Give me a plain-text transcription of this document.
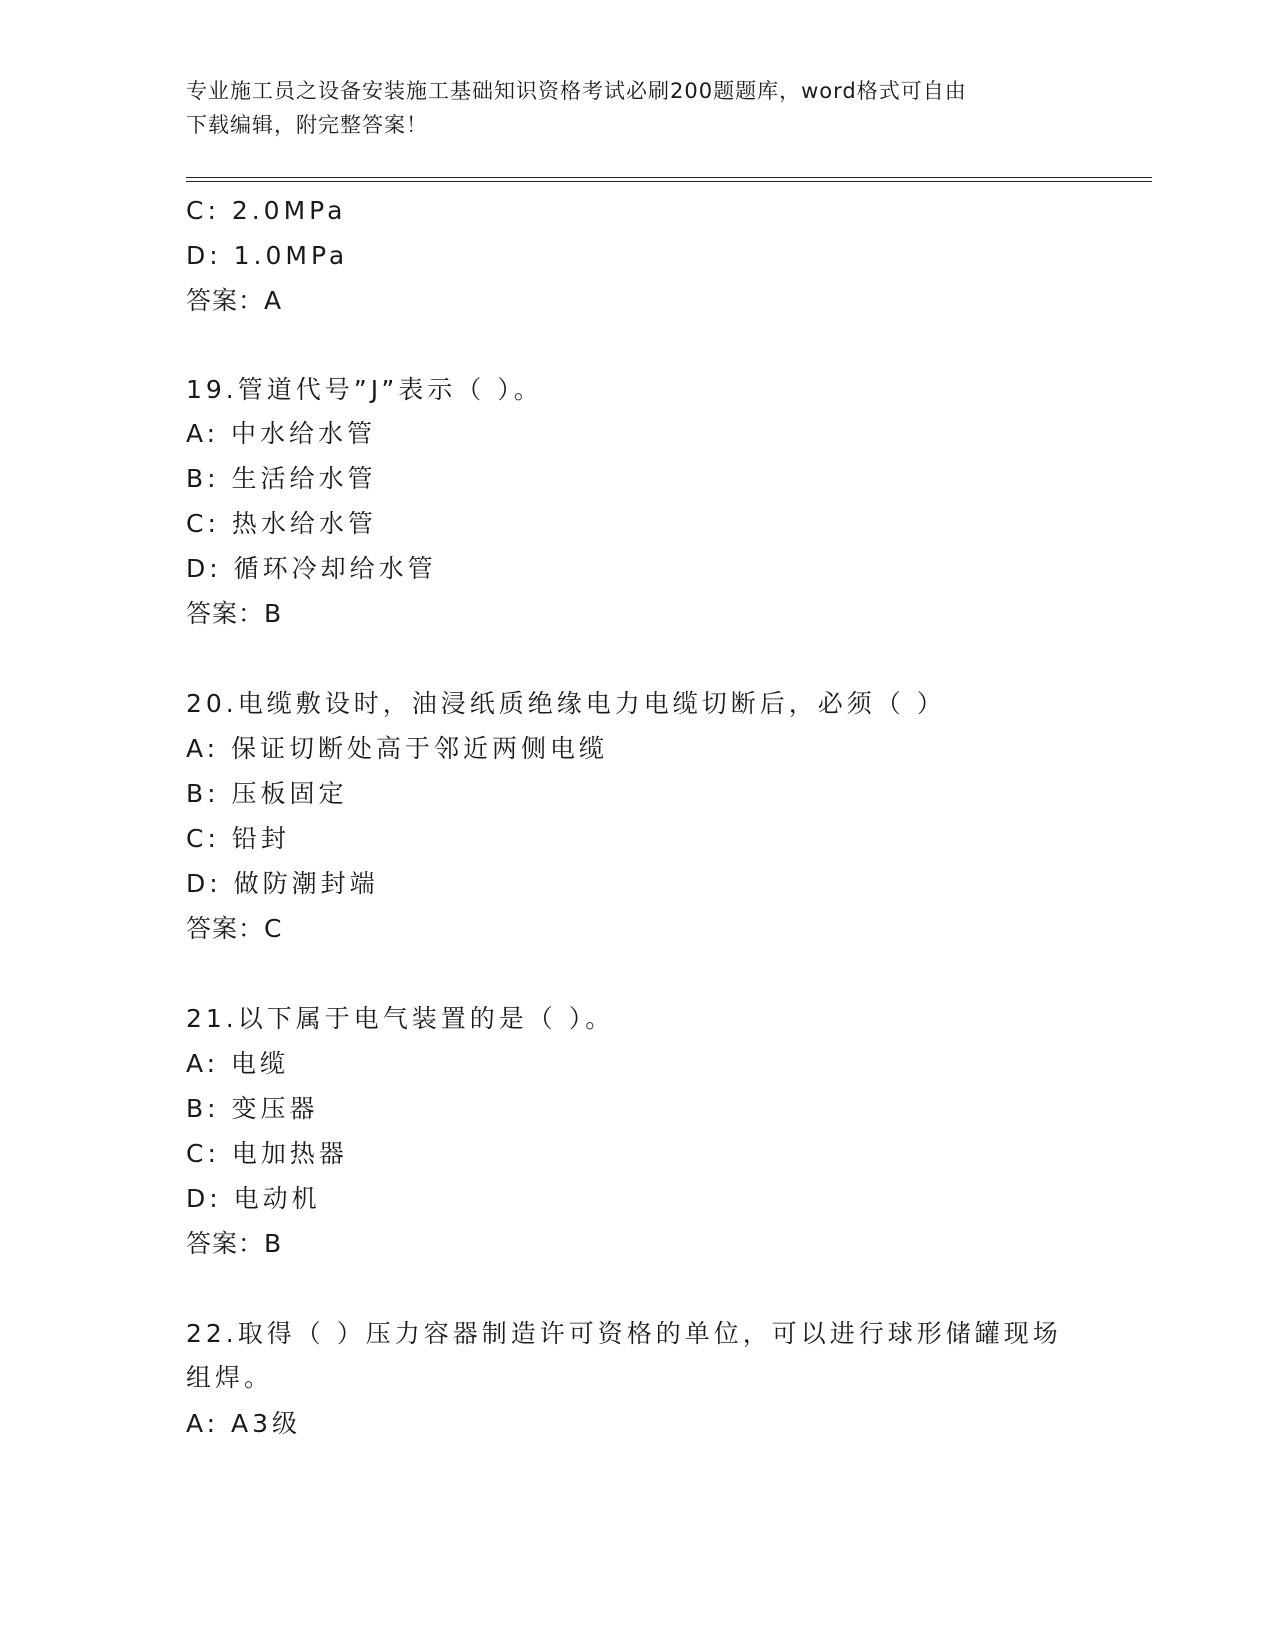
专业施工员之设备安装施工基础知识资格考试必刷200题题库，word格式可自由
下载编辑，附完整答案！
C: 2.0MPa
D: 1.0MPa
答案：A
19.管道代号”J”表示（ ）。
A: 中水给水管
B: 生活给水管
C: 热水给水管
D: 循环冷却给水管
答案：B
20.电缆敷设时，油浸纸质绝缘电力电缆切断后，必须（ ）
A: 保证切断处高于邻近两侧电缆
B: 压板固定
C: 铅封
D: 做防潮封端
答案：C
21.以下属于电气装置的是（ ）。
A: 电缆
B: 变压器
C: 电加热器
D: 电动机
答案：B
22.取得（ ）压力容器制造许可资格的单位，可以进行球形储罐现场
组焊。
A: A3级
